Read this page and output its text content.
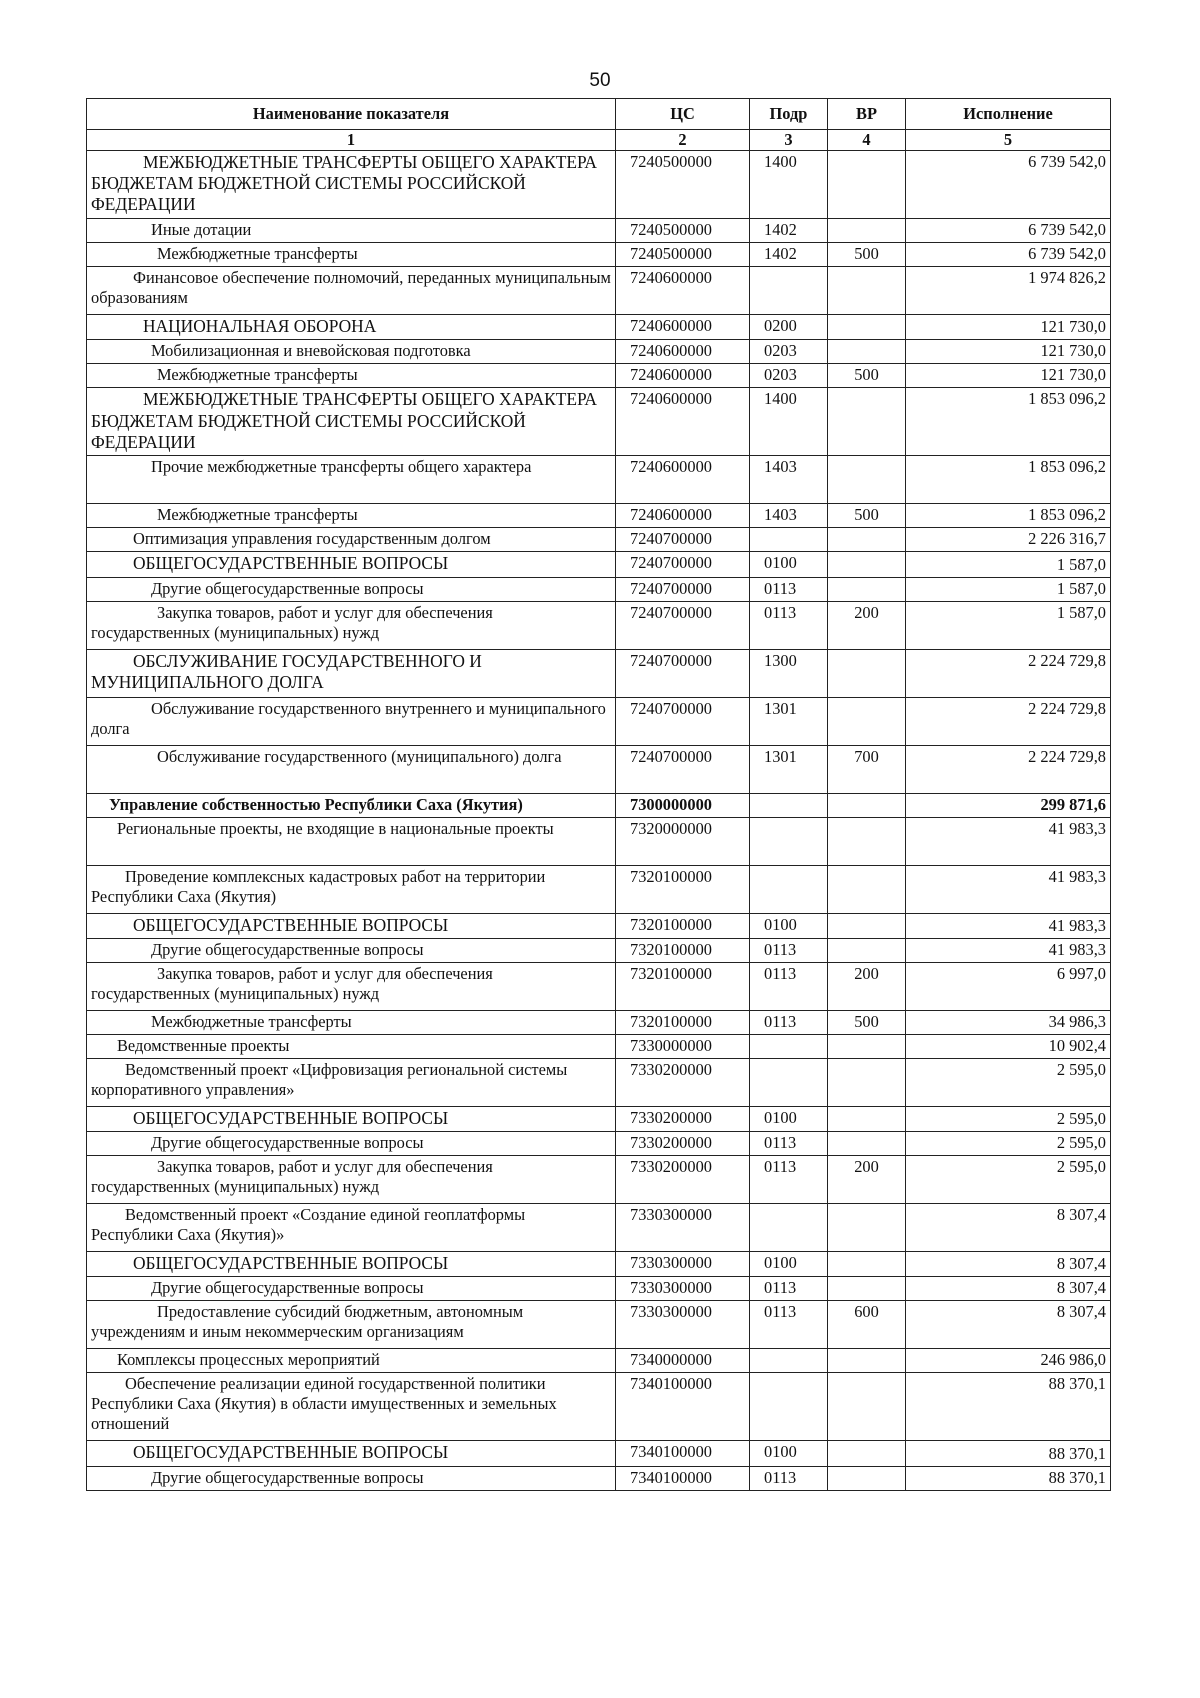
50
Наименование показателя	ЦС	Подр	ВР	Исполнение
1	2	3	4	5
МЕЖБЮДЖЕТНЫЕ ТРАНСФЕРТЫ ОБЩЕГО ХАРАКТЕРА БЮДЖЕТАМ БЮДЖЕТНОЙ СИСТЕМЫ РОССИЙСКОЙ ФЕДЕРАЦИИ	7240500000	1400		6 739 542,0
Иные дотации	7240500000	1402		6 739 542,0
Межбюджетные трансферты	7240500000	1402	500	6 739 542,0
Финансовое обеспечение полномочий, переданных муниципальным образованиям	7240600000			1 974 826,2
НАЦИОНАЛЬНАЯ ОБОРОНА	7240600000	0200		121 730,0
Мобилизационная и вневойсковая подготовка	7240600000	0203		121 730,0
Межбюджетные трансферты	7240600000	0203	500	121 730,0
МЕЖБЮДЖЕТНЫЕ ТРАНСФЕРТЫ ОБЩЕГО ХАРАКТЕРА БЮДЖЕТАМ БЮДЖЕТНОЙ СИСТЕМЫ РОССИЙСКОЙ ФЕДЕРАЦИИ	7240600000	1400		1 853 096,2
Прочие межбюджетные трансферты общего характера	7240600000	1403		1 853 096,2
Межбюджетные трансферты	7240600000	1403	500	1 853 096,2
Оптимизация управления государственным долгом	7240700000			2 226 316,7
ОБЩЕГОСУДАРСТВЕННЫЕ ВОПРОСЫ	7240700000	0100		1 587,0
Другие общегосударственные вопросы	7240700000	0113		1 587,0
Закупка товаров, работ и услуг для обеспечения государственных (муниципальных) нужд	7240700000	0113	200	1 587,0
ОБСЛУЖИВАНИЕ ГОСУДАРСТВЕННОГО И МУНИЦИПАЛЬНОГО ДОЛГА	7240700000	1300		2 224 729,8
Обслуживание государственного внутреннего и муниципального долга	7240700000	1301		2 224 729,8
Обслуживание государственного (муниципального) долга	7240700000	1301	700	2 224 729,8
Управление собственностью Республики Саха (Якутия)	7300000000			299 871,6
Региональные проекты, не входящие в национальные проекты	7320000000			41 983,3
Проведение комплексных кадастровых работ на территории Республики Саха (Якутия)	7320100000			41 983,3
ОБЩЕГОСУДАРСТВЕННЫЕ ВОПРОСЫ	7320100000	0100		41 983,3
Другие общегосударственные вопросы	7320100000	0113		41 983,3
Закупка товаров, работ и услуг для обеспечения государственных (муниципальных) нужд	7320100000	0113	200	6 997,0
Межбюджетные трансферты	7320100000	0113	500	34 986,3
Ведомственные проекты	7330000000			10 902,4
Ведомственный проект «Цифровизация региональной системы корпоративного управления»	7330200000			2 595,0
ОБЩЕГОСУДАРСТВЕННЫЕ ВОПРОСЫ	7330200000	0100		2 595,0
Другие общегосударственные вопросы	7330200000	0113		2 595,0
Закупка товаров, работ и услуг для обеспечения государственных (муниципальных) нужд	7330200000	0113	200	2 595,0
Ведомственный проект «Создание единой геоплатформы Республики Саха (Якутия)»	7330300000			8 307,4
ОБЩЕГОСУДАРСТВЕННЫЕ ВОПРОСЫ	7330300000	0100		8 307,4
Другие общегосударственные вопросы	7330300000	0113		8 307,4
Предоставление субсидий бюджетным, автономным учреждениям и иным некоммерческим организациям	7330300000	0113	600	8 307,4
Комплексы процессных мероприятий	7340000000			246 986,0
Обеспечение реализации единой государственной политики Республики Саха (Якутия) в области имущественных и земельных отношений	7340100000			88 370,1
ОБЩЕГОСУДАРСТВЕННЫЕ ВОПРОСЫ	7340100000	0100		88 370,1
Другие общегосударственные вопросы	7340100000	0113		88 370,1
